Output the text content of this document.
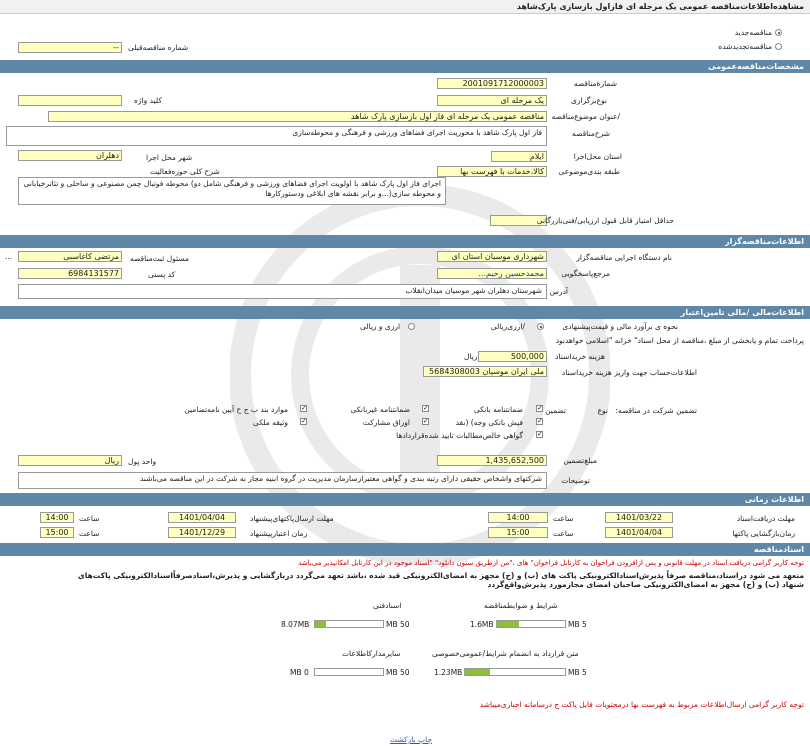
مشاهده‌اطلاعات‌مناقصه عمومی یک مرحله ای فازاول بازسازی پارک‌شاهد
مناقصه‌جدید
مناقصه‌تجدیدشده
--	شماره مناقصه‌قبلی
مشخصات‌مناقصه‌عمومی
2001091712000003	شمارهٔ‌مناقصه
یک مرحله ای	نوع‌برگزاری
کلید واژه
مناقصه عمومی یک مرحله ای فاز اول بازسازی پارک شاهد	/عنوان موضوع‌مناقصه
فاز اول پارک شاهد با محوریت اجرای فضاهای ورزشی و فرهنگی و محوطه‌سازی	شرح‌مناقصه
ایلام	استان محل‌اجرا
دهلران	شهر محل اجرا
کالا،خدمات با فهرست بها	طبقه بندی‌موضوعی
شرح کلی حوزه‌فعالیت
اجرای فاز اول پارک شاهد با اولویت اجرای فضاهای ورزشی و فرهنگی شامل دو) محوطه فوتبال چمن مصنوعی و ساحلی و تئاتر‌خیابانی و محوطه سازی(...و برابر نقشه های ابلاغی ودستورکارها
حداقل امتیاز قابل قبول ارزیابی‌/فنی‌بازرگانی
اطلاعات‌مناقصه‌گزار
شهرداری موسیان استان ای	نام دستگاه اجرایی مناقصه‌گزار
مرتضی کاغاسبی
...	مسئول ثبت‌مناقصه
محمدحسین رحیم...	مرجع‌پاسخگویی
6984131577	کد پستی
شهرستان دهلران شهر موسیان میدان‌انقلاب	آدرس
اطلاعات‌مالی /مالی تامین‌اعتبار
/ارزی‌ریالی	نحوه ی برآورد مالی و قیمت‌پیشنهادی
ارزی و ریالی
پرداخت تمام و یابخشی از مبلغ ،مناقصه از محل اسناد" خزانه "اسلامی خواهد‌بود
500,000
ریال	هزینه خریداسناد
ملی ایران موسیان 5684308003	اطلاعات‌حساب جهت واریز هزینه خریداسناد
تضمین شرکت در مناقصه:
نوع
تضمین
✓
ضمانتنامه بانکی
✓
ضمانتنامه غیربانکی
✓
موارد بند ب ج ح آیین نامه‌تضامین
✓
فیش بانکی وجه) (نقد
✓
اوراق مشارکت
✓
وثیقه ملکی
✓
گواهی خالص‌مطالبات تایید شده‌قراردادها
1,435,652,500	مبلغ‌تضمین
ریال	واحد پول
شرکتهای واشخاص حقیقی دارای رتبه بندی و گواهی معتبرازسازمان مدیریت در گروه ابنیه مجاز به شرکت در این مناقصه می‌باشند	توضیحات
اطلاعات زمانی
1401/03/22	مهلت دریافت‌اسناد
14:00	ساعت
1401/04/04	مهلت ارسال‌پاکتهای‌پیشنهاد
14:00	ساعت
1401/04/04	زمان‌بازگشایی پاکتها
15:00	ساعت
1401/12/29	زمان اعتبارپیشنهاد
15:00	ساعت
اسنادمناقصه
توجه کاربر گرامی دریافت اسناد در مهلت قانونی و پس ازافزودن فراخوان به کارتابل فراخوان" های ،"من ازطریق ستون دانلود" "اسناد موجود در این کارتابل امکانپذیر می‌باشد
متعهد می شود دراسناد،مناقصه صرفاً پذیرش‌اسنادالکترونیکی پاکت های (ب) و (ج) مجهز به امضای‌الکترونیکی قید شده ،باشد تعهد می‌گردد دربازگشایی و پذیرش،اسنادصرفاًاسنادالکترونیکی پاکت‌های
شنهاد (ب) و (ج) مجهز به امضای‌الکترونیکی صاحبان امضای مجازمورد پذیرش‌واقع‌گردد
اسنادفنی
50 MB
8.07MB
شرایط و ضوابطمناقصه
5 MB
1.6MB
سایرمدارکاطلاعات
50 MB
0 MB
متن قرارداد به انضمام شرایط‌/عمومی‌خصوصی
5 MB
1.23MB
توجه کاربر گرامی ارسال‌اطلاعات مربوط به فهرست بها درمحتویات فایل پاکت ج درسامانه اجباری‌میباشد
چاپ بارکشت
